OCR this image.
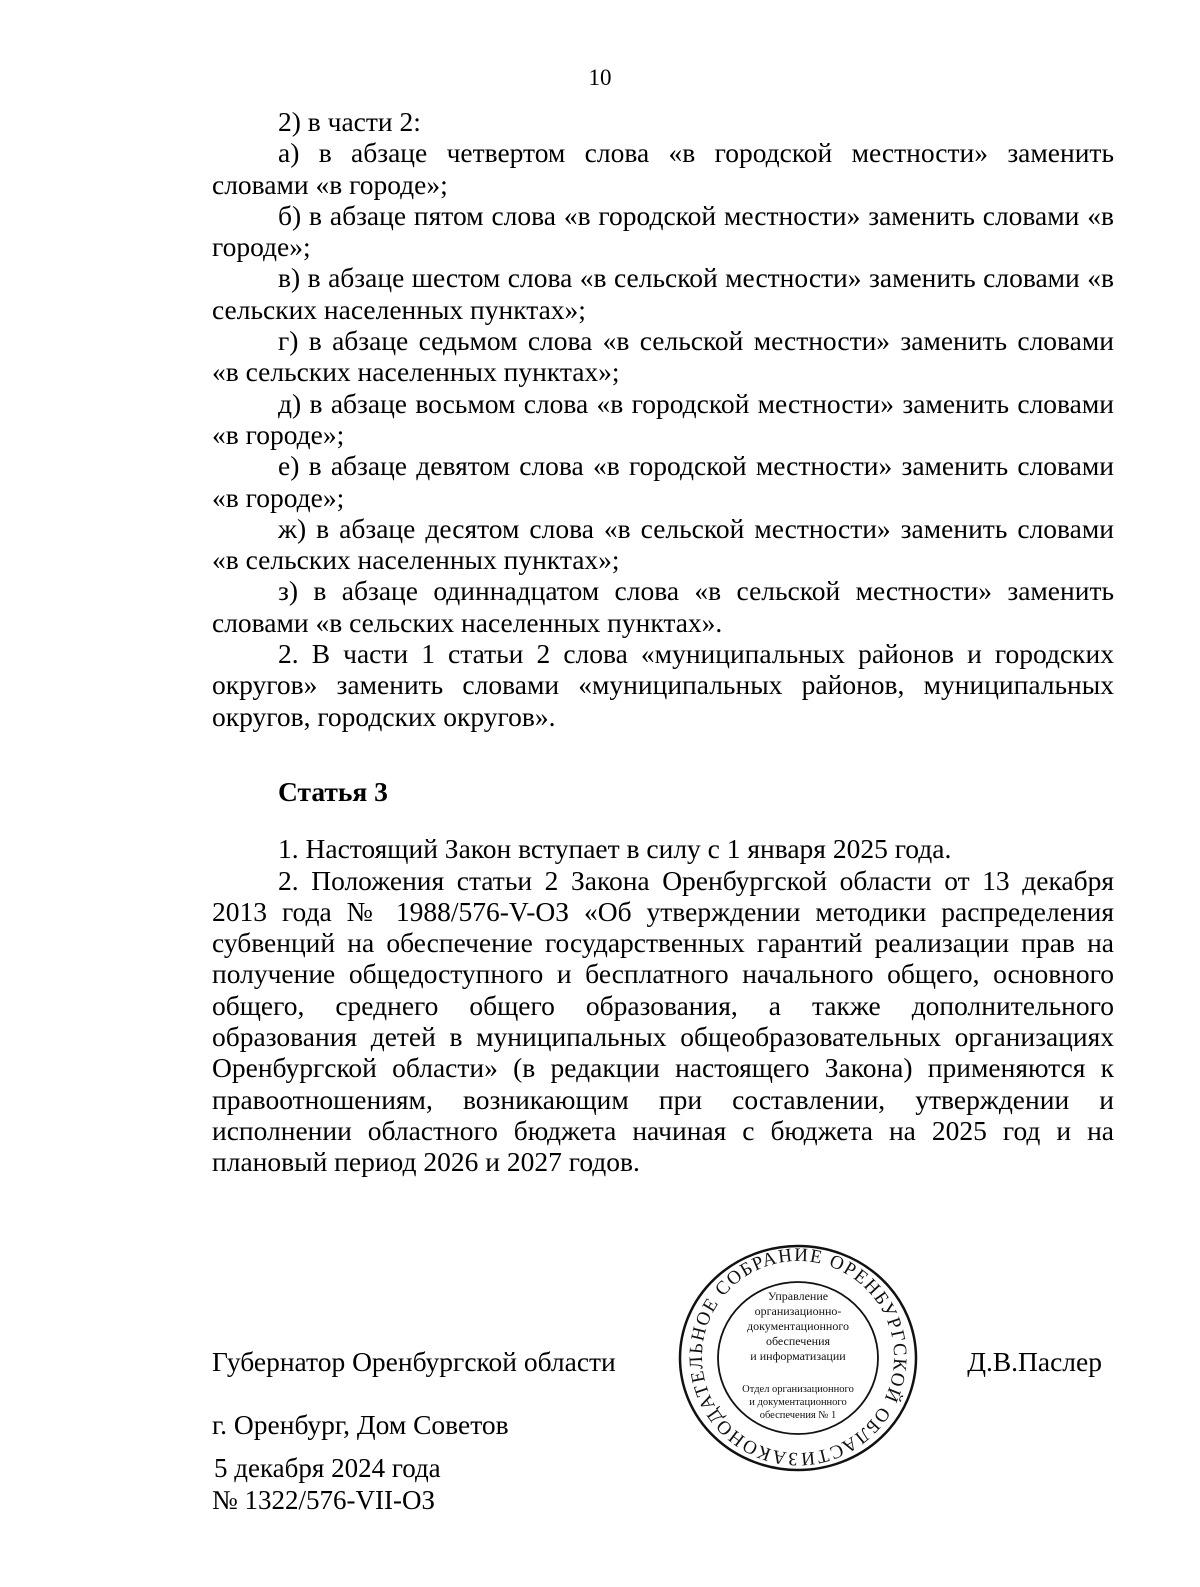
10

2) в части 2:

а) в абзаце четвертом слова «в городской местности» заменить словами «в городе»;

б) в абзаце пятом слова «в городской местности» заменить словами «в городе»;

в) в абзаце шестом слова «в сельской местности» заменить словами «в сельских населенных пунктах»;

г) в абзаце седьмом слова «в сельской местности» заменить словами «в сельских населенных пунктах»;

д) в абзаце восьмом слова «в городской местности» заменить словами «в городе»;

е) в абзаце девятом слова «в городской местности» заменить словами «в городе»;

ж) в абзаце десятом слова «в сельской местности» заменить словами «в сельских населенных пунктах»;

з) в абзаце одиннадцатом слова «в сельской местности» заменить словами «в сельских населенных пунктах».

2. В части 1 статьи 2 слова «муниципальных районов и городских округов» заменить словами «муниципальных районов, муниципальных округов, городских округов».

Статья 3

1. Настоящий Закон вступает в силу с 1 января 2025 года.

2. Положения статьи 2 Закона Оренбургской области от 13 декабря 2013 года № 1988/576-V-ОЗ «Об утверждении методики распределения субвенций на обеспечение государственных гарантий реализации прав на получение общедоступного и бесплатного начального общего, основного общего, среднего общего образования, а также дополнительного образования детей в муниципальных общеобразовательных организациях Оренбургской области» (в редакции настоящего Закона) применяются к правоотношениям, возникающим при составлении, утверждении и исполнении областного бюджета начиная с бюджета на 2025 год и на плановый период 2026 и 2027 годов.

Губернатор Оренбургской области	Д.В.Паслер
г. Оренбург, Дом Советов
5 декабря 2024 года
№ 1322/576-VII-ОЗ
ЗАКОНОДАТЕЛЬНОЕ СОБРАНИЕ ОРЕНБУРГСКОЙ ОБЛАСТИ
Управление
организационно-
документационного
обеспечения
и информатизации
Отдел организационного
и документационного
обеспечения № 1
